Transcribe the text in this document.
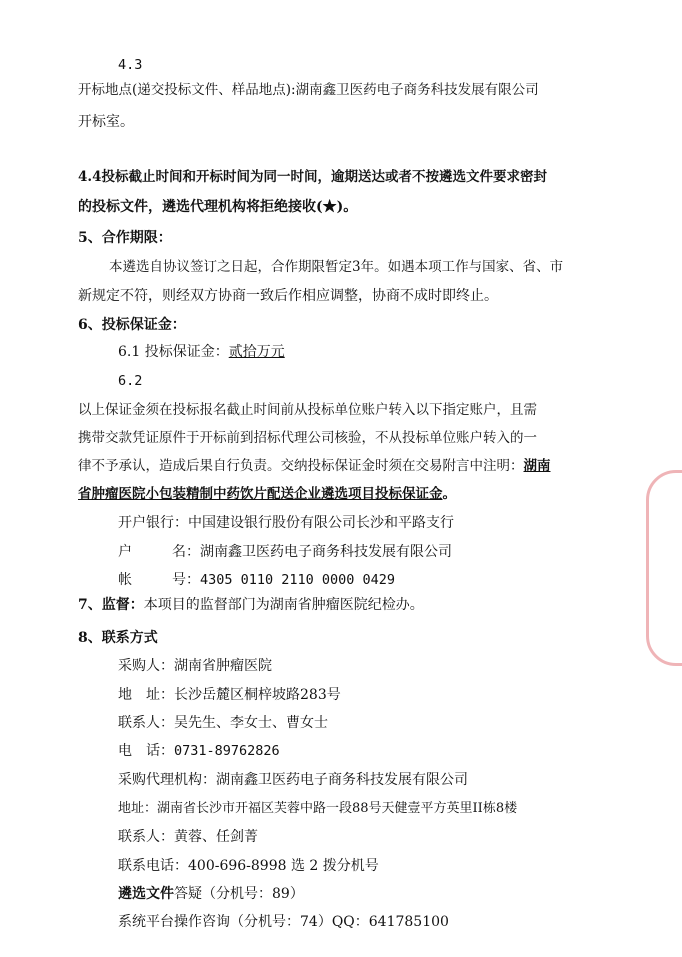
4.3
开标地点(递交投标文件、样品地点):湖南鑫卫医药电子商务科技发展有限公司
开标室。
4.4投标截止时间和开标时间为同一时间，逾期送达或者不按遴选文件要求密封
的投标文件，遴选代理机构将拒绝接收(★)。
5、合作期限：
本遴选自协议签订之日起，合作期限暂定3年。如遇本项工作与国家、省、市
新规定不符，则经双方协商一致后作相应调整，协商不成时即终止。
6、投标保证金：
6.1 投标保证金：贰拾万元
6.2
以上保证金须在投标报名截止时间前从投标单位账户转入以下指定账户，且需
携带交款凭证原件于开标前到招标代理公司核验，不从投标单位账户转入的一
律不予承认，造成后果自行负责。交纳投标保证金时须在交易附言中注明：湖南
省肿瘤医院小包装精制中药饮片配送企业遴选项目投标保证金。
开户银行：中国建设银行股份有限公司长沙和平路支行
户	名：湖南鑫卫医药电子商务科技发展有限公司
帐	号：4305 0110 2110 0000 0429
7、监督：本项目的监督部门为湖南省肿瘤医院纪检办。
8、联系方式
采购人：湖南省肿瘤医院
地　址：长沙岳麓区桐梓坡路283号
联系人：吴先生、李女士、曹女士
电　话：0731-89762826
采购代理机构：湖南鑫卫医药电子商务科技发展有限公司
地址：湖南省长沙市开福区芙蓉中路一段88号天健壹平方英里II栋8楼
联系人：黄蓉、任剑菁
联系电话：400-696-8998 选 2 拨分机号
遴选文件答疑（分机号：89）
系统平台操作咨询（分机号：74）QQ：641785100
